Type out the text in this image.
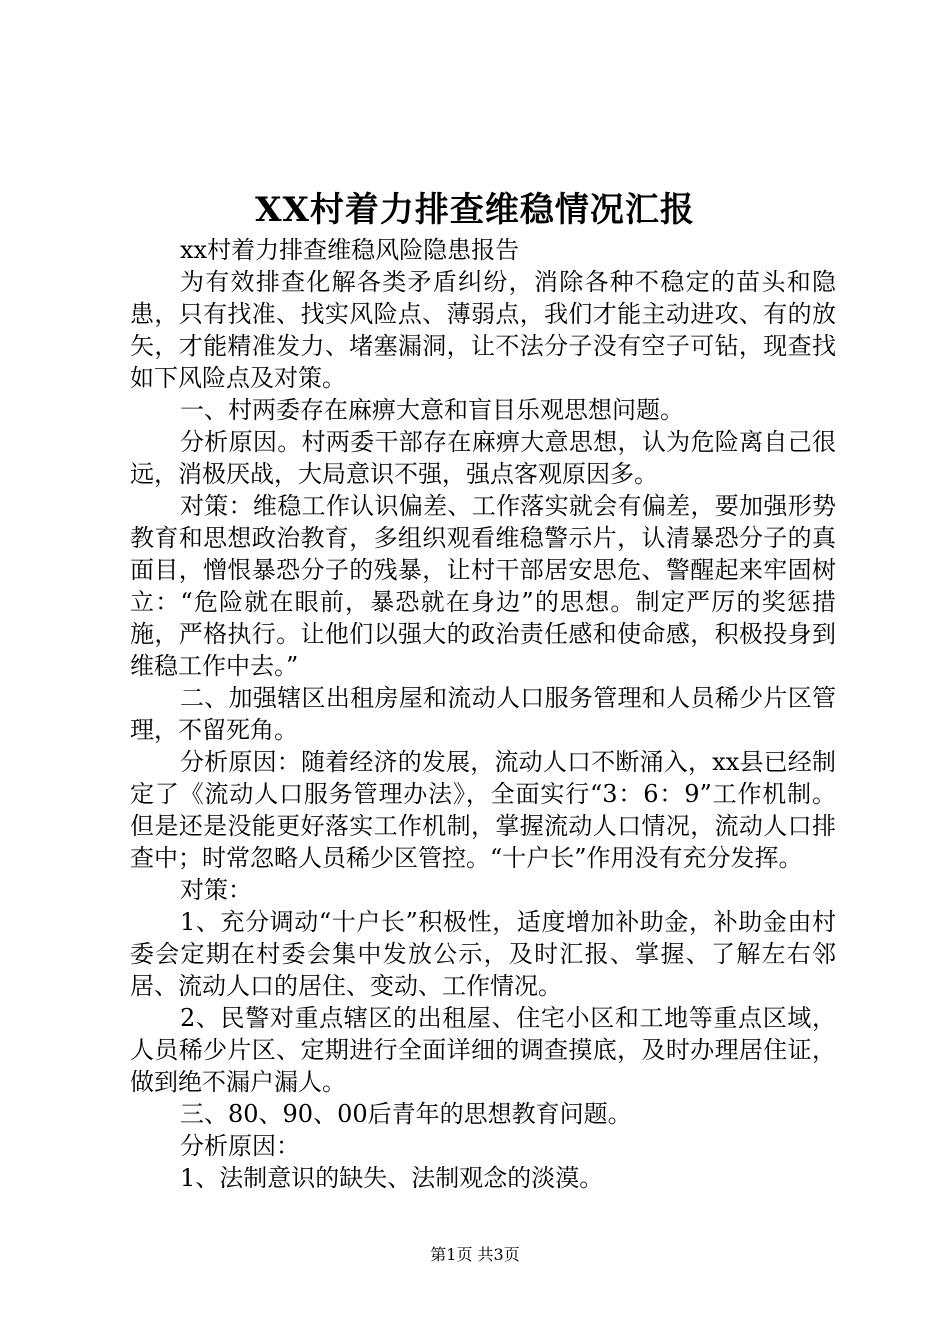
XX村着力排查维稳情况汇报

xx村着力排查维稳风险隐患报告

为有效排查化解各类矛盾纠纷，消除各种不稳定的苗头和隐患，只有找准、找实风险点、薄弱点，我们才能主动进攻、有的放矢，才能精准发力、堵塞漏洞，让不法分子没有空子可钻，现查找如下风险点及对策。

一、村两委存在麻痹大意和盲目乐观思想问题。

分析原因。村两委干部存在麻痹大意思想，认为危险离自己很远，消极厌战，大局意识不强，强点客观原因多。

对策：维稳工作认识偏差、工作落实就会有偏差，要加强形势教育和思想政治教育，多组织观看维稳警示片，认清暴恐分子的真面目，憎恨暴恐分子的残暴，让村干部居安思危、警醒起来牢固树立：“危险就在眼前，暴恐就在身边”的思想。制定严厉的奖惩措施，严格执行。让他们以强大的政治责任感和使命感，积极投身到维稳工作中去。”

二、加强辖区出租房屋和流动人口服务管理和人员稀少片区管理，不留死角。

分析原因：随着经济的发展，流动人口不断涌入，xx县已经制定了《流动人口服务管理办法》，全面实行“3：6：9”工作机制。但是还是没能更好落实工作机制，掌握流动人口情况，流动人口排查中；时常忽略人员稀少区管控。“十户长”作用没有充分发挥。

对策：

1、充分调动“十户长”积极性，适度增加补助金，补助金由村委会定期在村委会集中发放公示，及时汇报、掌握、了解左右邻居、流动人口的居住、变动、工作情况。

2、民警对重点辖区的出租屋、住宅小区和工地等重点区域，人员稀少片区、定期进行全面详细的调查摸底，及时办理居住证，做到绝不漏户漏人。

三、80、90、00后青年的思想教育问题。

分析原因：

1、法制意识的缺失、法制观念的淡漠。

第1页 共3页
